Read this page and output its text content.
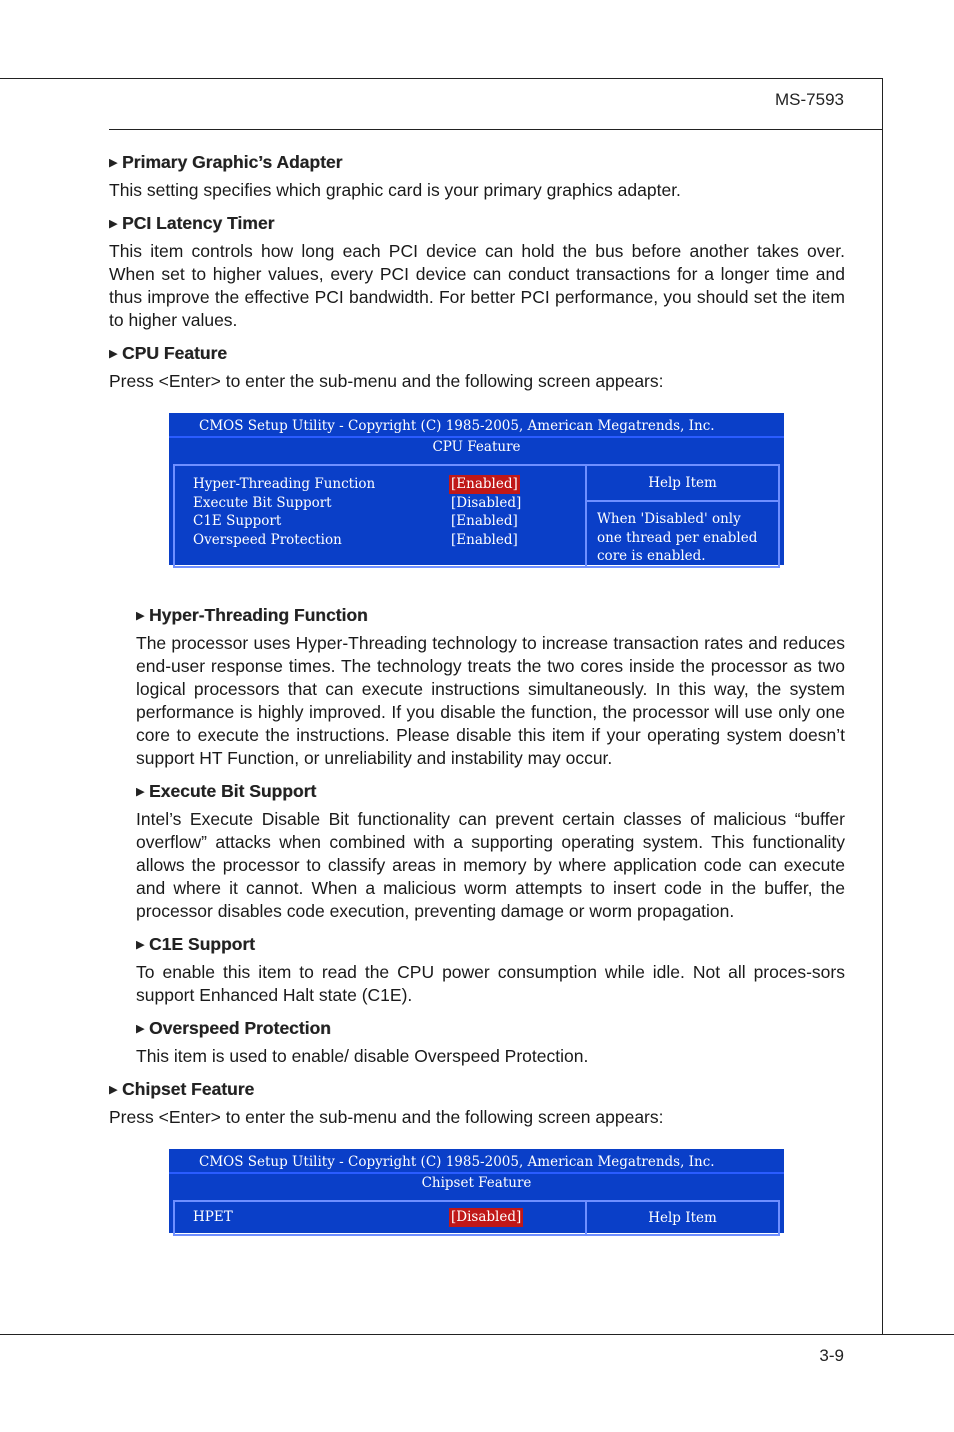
MS-7593
3-9
▶ Primary Graphic’s Adapter
This setting specifies which graphic card is your primary graphics adapter.
▶ PCI Latency Timer
This item controls how long each PCI device can hold the bus before another takes over. When set to higher values, every PCI device can conduct transactions for a longer time and thus improve the effective PCI bandwidth. For better PCI performance, you should set the item to higher values.
▶ CPU Feature
Press <Enter> to enter the sub-menu and the following screen appears:
CMOS Setup Utility - Copyright (C) 1985-2005, American Megatrends, Inc.
CPU Feature
Hyper-Threading Function	[Enabled]
Execute Bit Support	[Disabled]
C1E Support	[Enabled]
Overspeed Protection	[Enabled]
Help Item
When 'Disabled' only one thread per enabled core is enabled.
▶ Hyper-Threading Function
The processor uses Hyper-Threading technology to increase transaction rates and reduces end-user response times. The technology treats the two cores inside the processor as two logical processors that can execute instructions simultaneously. In this way, the system performance is highly improved. If you disable the function, the processor will use only one core to execute the instructions. Please disable this item if your operating system doesn’t support HT Function, or unreliability and instability may occur.
▶ Execute Bit Support
Intel’s Execute Disable Bit functionality can prevent certain classes of malicious “buffer overflow” attacks when combined with a supporting operating system. This functionality allows the processor to classify areas in memory by where application code can execute and where it cannot. When a malicious worm attempts to insert code in the buffer, the processor disables code execution, preventing damage or worm propagation.
▶ C1E Support
To enable this item to read the CPU power consumption while idle. Not all proces-sors support Enhanced Halt state (C1E).
▶ Overspeed Protection
This item is used to enable/ disable Overspeed Protection.
▶ Chipset Feature
Press <Enter> to enter the sub-menu and the following screen appears:
CMOS Setup Utility - Copyright (C) 1985-2005, American Megatrends, Inc.
Chipset Feature
HPET	[Disabled]	Help Item
